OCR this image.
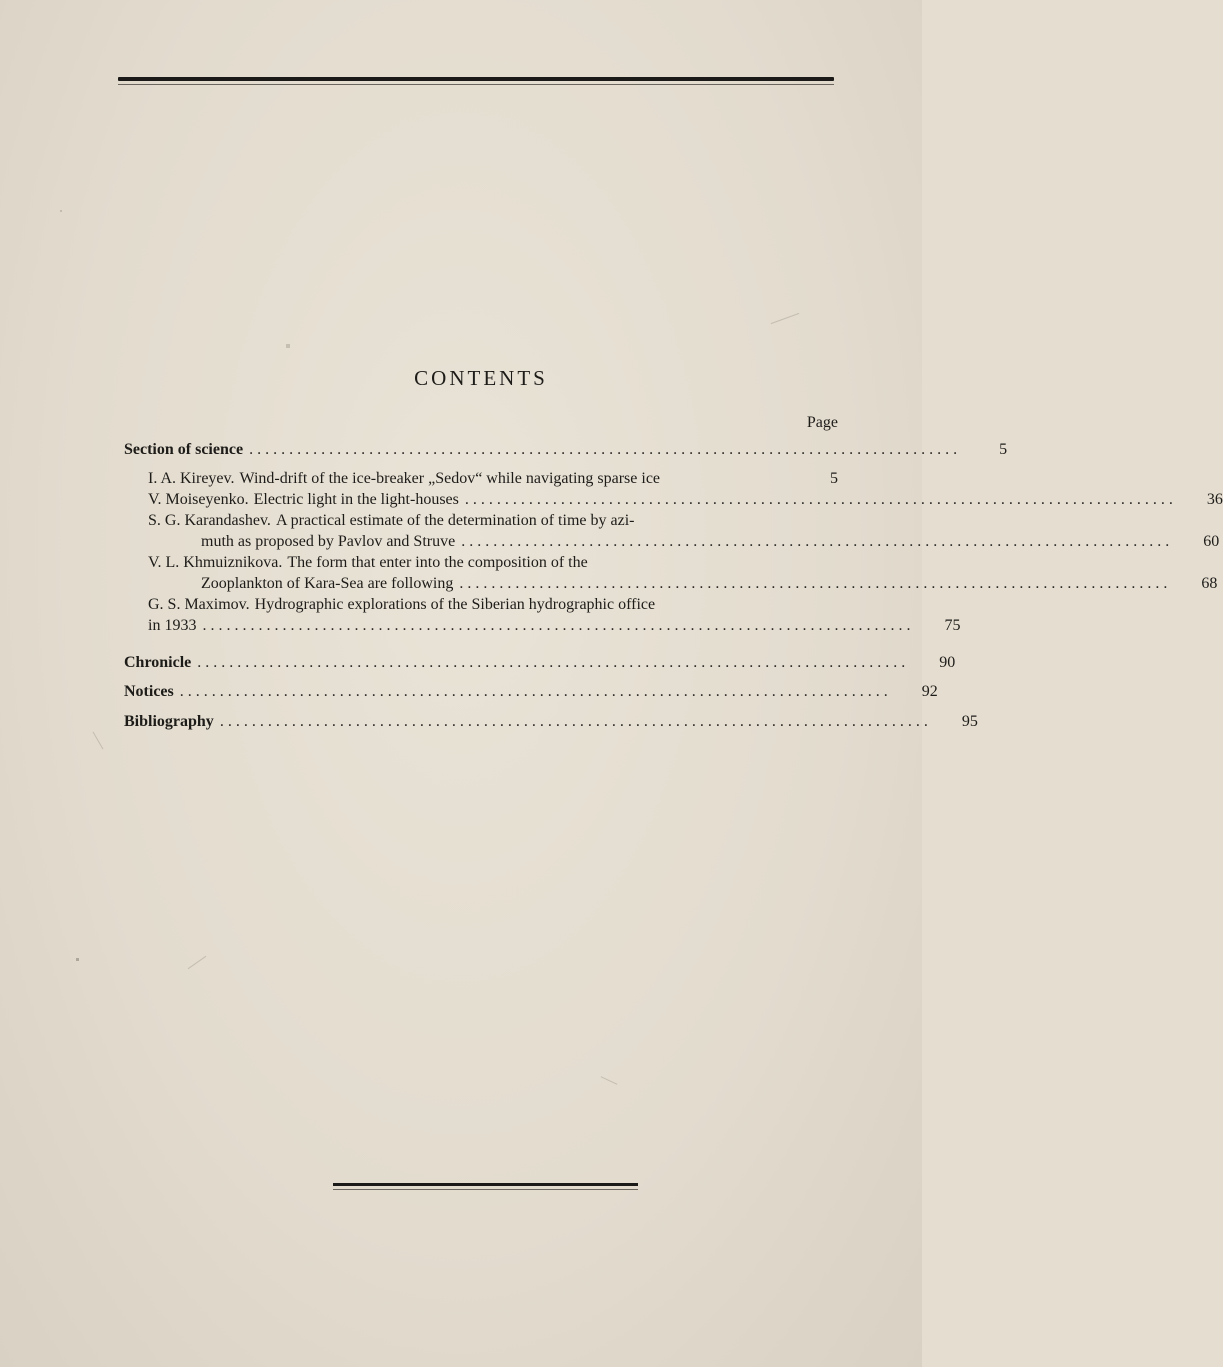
CONTENTS
Page
Section of science .........................................................................................	5
I. A. Kireyev. Wind-drift of the ice-breaker „Sedov“ while navigating sparse ice	5
V. Moiseyenko. Electric light in the light-houses .........................................................................................	36
S. G. Karandashev. A practical estimate of the determination of time by azi-
muth as proposed by Pavlov and Struve .........................................................................................	60
V. L. Khmuiznikova. The form that enter into the composition of the
Zooplankton of Kara-Sea are following .........................................................................................	68
G. S. Maximov. Hydrographic explorations of the Siberian hydrographic office
in 1933 .........................................................................................	75
Chronicle .........................................................................................	90
Notices .........................................................................................	92
Bibliography .........................................................................................	95
